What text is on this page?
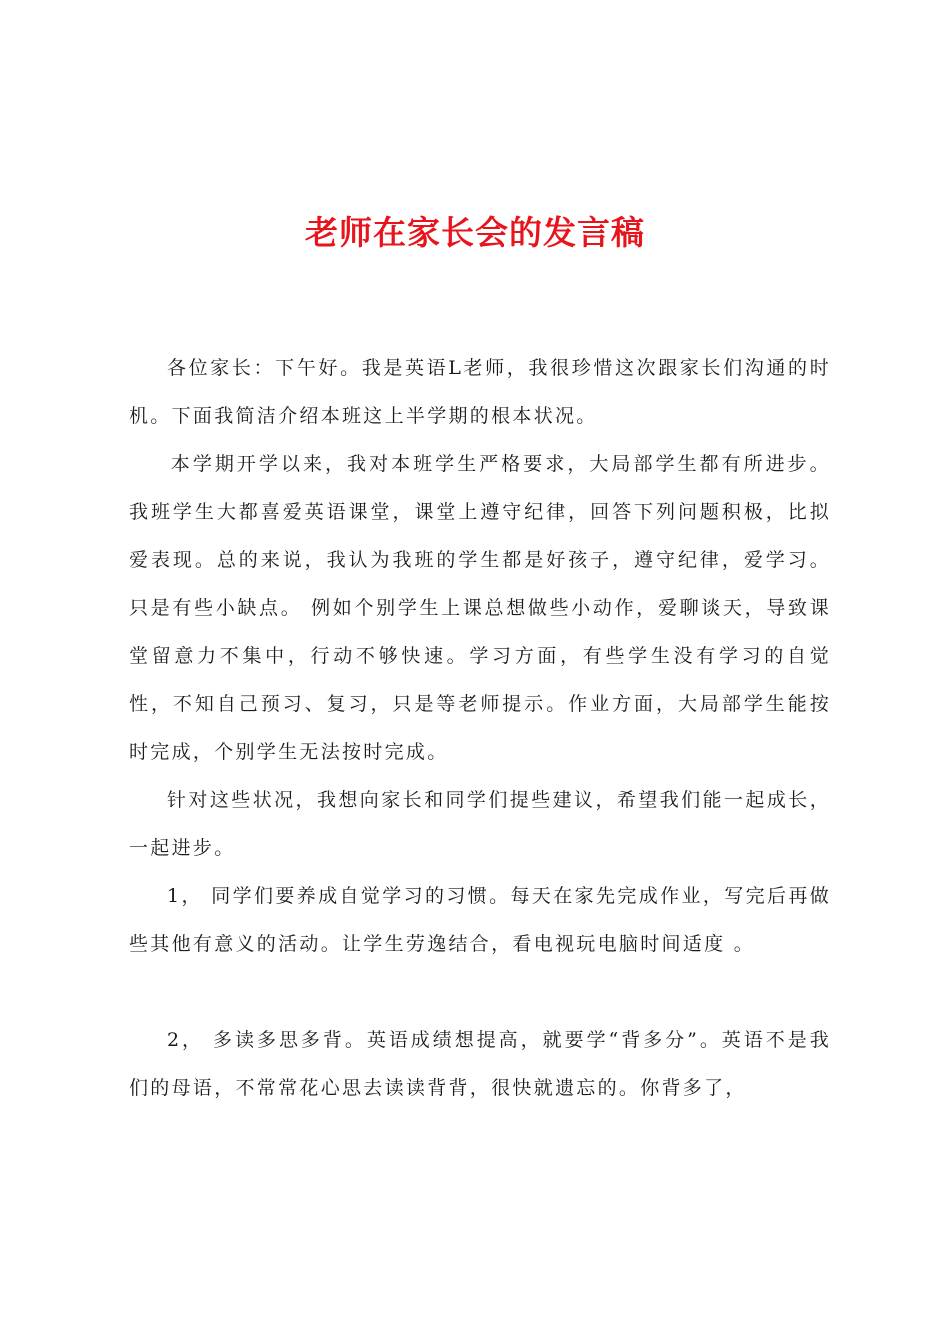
老师在家长会的发言稿

各位家长：下午好。我是英语L老师，我很珍惜这次跟家长们沟通的时机。下面我简洁介绍本班这上半学期的根本状况。

本学期开学以来，我对本班学生严格要求，大局部学生都有所进步。我班学生大都喜爱英语课堂，课堂上遵守纪律，回答下列问题积极，比拟爱表现。总的来说，我认为我班的学生都是好孩子，遵守纪律，爱学习。只是有些小缺点。 例如个别学生上课总想做些小动作，爱聊谈天，导致课堂留意力不集中，行动不够快速。学习方面，有些学生没有学习的自觉性，不知自己预习、复习，只是等老师提示。作业方面，大局部学生能按时完成，个别学生无法按时完成。

针对这些状况，我想向家长和同学们提些建议，希望我们能一起成长，一起进步。

1， 同学们要养成自觉学习的习惯。每天在家先完成作业，写完后再做些其他有意义的活动。让学生劳逸结合，看电视玩电脑时间适度 。

2， 多读多思多背。英语成绩想提高，就要学“背多分”。英语不是我们的母语，不常常花心思去读读背背，很快就遗忘的。你背多了，
